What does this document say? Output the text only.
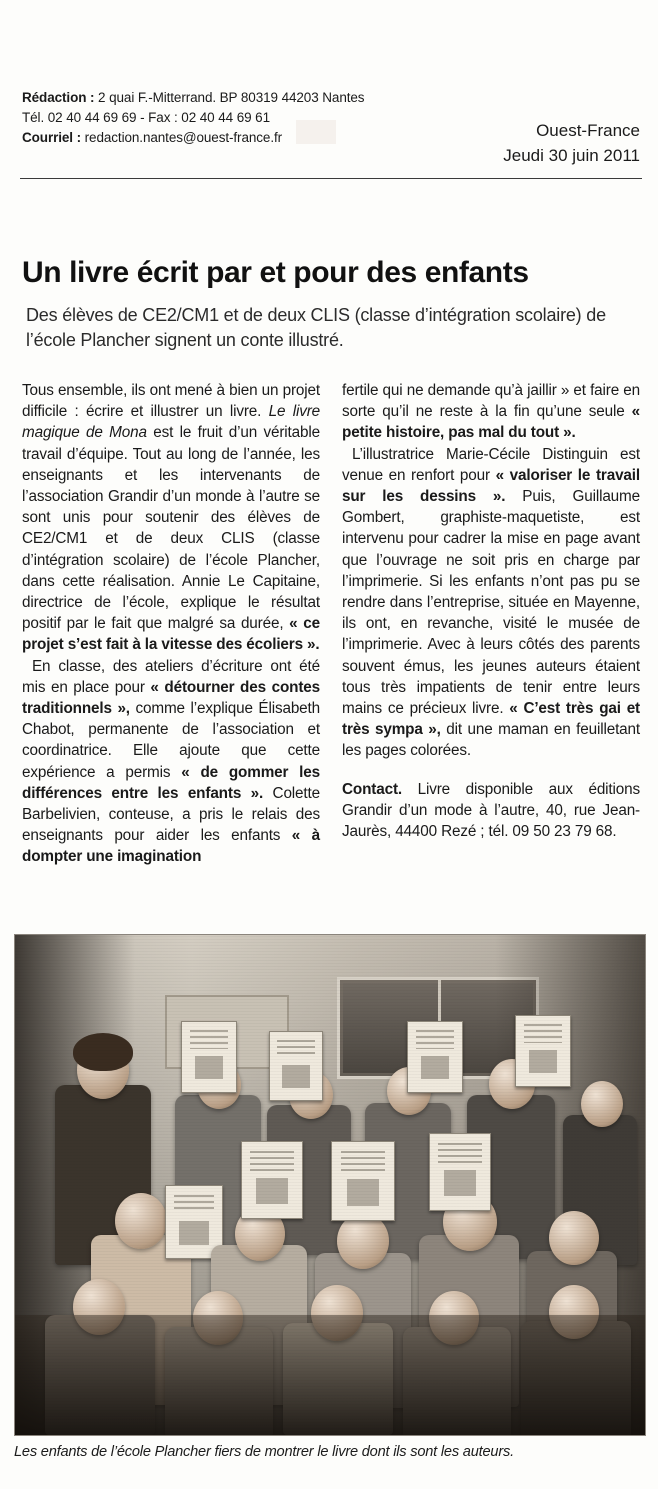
Rédaction : 2 quai F.-Mitterrand. BP 80319 44203 Nantes
Tél. 02 40 44 69 69 - Fax : 02 40 44 69 61
Courriel : redaction.nantes@ouest-france.fr	Ouest-France
Jeudi 30 juin 2011

Un livre écrit par et pour des enfants
Des élèves de CE2/CM1 et de deux CLIS (classe d’intégration scolaire) de l’école Plancher signent un conte illustré.

Tous ensemble, ils ont mené à bien un projet difficile : écrire et illustrer un livre. Le livre magique de Mona est le fruit d’un véritable travail d’équipe. Tout au long de l’année, les enseignants et les intervenants de l’association Grandir d’un monde à l’autre se sont unis pour soutenir des élèves de CE2/CM1 et de deux CLIS (classe d’intégration scolaire) de l’école Plancher, dans cette réalisation. Annie Le Capitaine, directrice de l’école, explique le résultat positif par le fait que malgré sa durée, « ce projet s’est fait à la vitesse des écoliers ».

En classe, des ateliers d’écriture ont été mis en place pour « détourner des contes traditionnels », comme l’explique Élisabeth Chabot, permanente de l’association et coordinatrice. Elle ajoute que cette expérience a permis « de gommer les différences entre les enfants ». Colette Barbelivien, conteuse, a pris le relais des enseignants pour aider les enfants « à dompter une imagination

fertile qui ne demande qu’à jaillir » et faire en sorte qu’il ne reste à la fin qu’une seule « petite histoire, pas mal du tout ».

L’illustratrice Marie-Cécile Distinguin est venue en renfort pour « valoriser le travail sur les dessins ». Puis, Guillaume Gombert, graphiste-maquetiste, est intervenu pour cadrer la mise en page avant que l’ouvrage ne soit pris en charge par l’imprimerie. Si les enfants n’ont pas pu se rendre dans l’entreprise, située en Mayenne, ils ont, en revanche, visité le musée de l’imprimerie. Avec à leurs côtés des parents souvent émus, les jeunes auteurs étaient tous très impatients de tenir entre leurs mains ce précieux livre. « C’est très gai et très sympa », dit une maman en feuilletant les pages colorées.

Contact. Livre disponible aux éditions Grandir d’un mode à l’autre, 40, rue Jean-Jaurès, 44400 Rezé ; tél. 09 50 23 79 68.

Les enfants de l’école Plancher fiers de montrer le livre dont ils sont les auteurs.
